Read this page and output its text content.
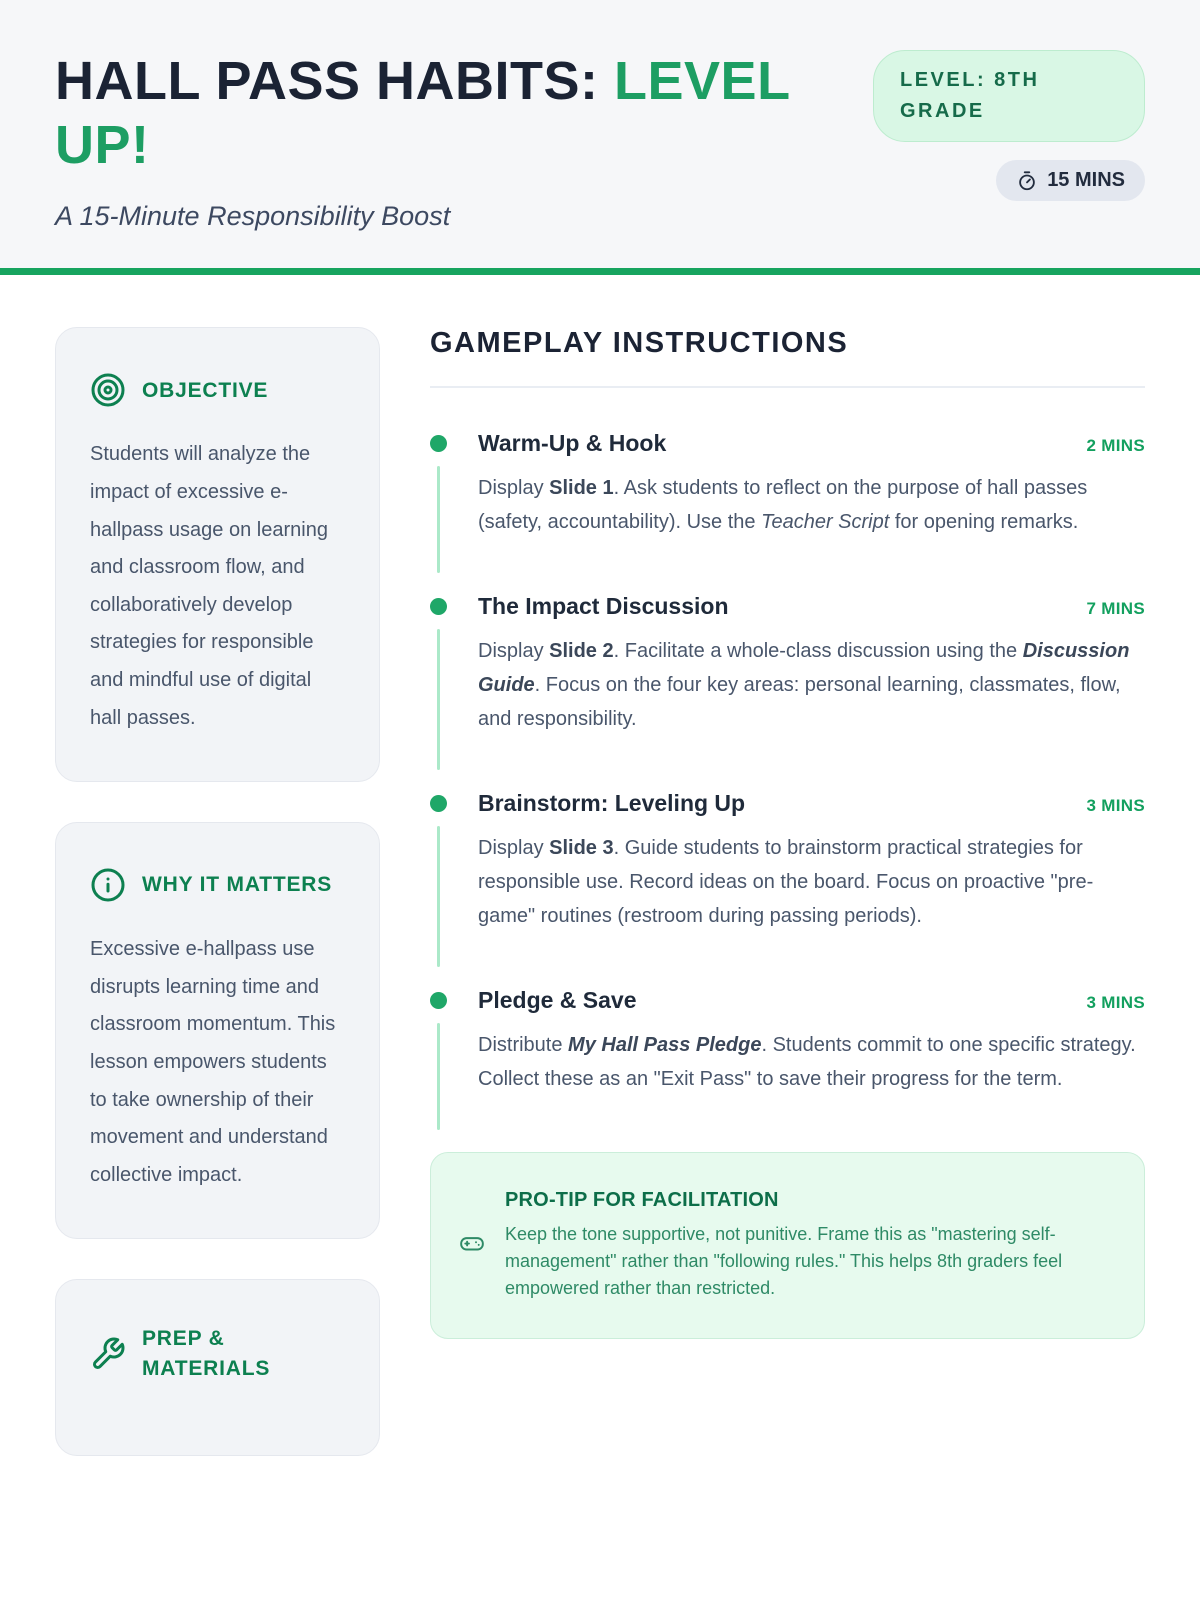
HALL PASS HABITS: LEVEL UP!

A 15-Minute Responsibility Boost

LEVEL: 8TH GRADE
15 MINS
OBJECTIVE

Students will analyze the impact of excessive e-hallpass usage on learning and classroom flow, and collaboratively develop strategies for responsible and mindful use of digital hall passes.

WHY IT MATTERS

Excessive e-hallpass use disrupts learning time and classroom momentum. This lesson empowers students to take ownership of their movement and understand collective impact.

PREP & MATERIALS
GAMEPLAY INSTRUCTIONS
Warm-Up & Hook	2 MINS

Display Slide 1. Ask students to reflect on the purpose of hall passes (safety, accountability). Use the Teacher Script for opening remarks.

The Impact Discussion	7 MINS

Display Slide 2. Facilitate a whole-class discussion using the Discussion Guide. Focus on the four key areas: personal learning, classmates, flow, and responsibility.

Brainstorm: Leveling Up	3 MINS

Display Slide 3. Guide students to brainstorm practical strategies for responsible use. Record ideas on the board. Focus on proactive "pre-game" routines (restroom during passing periods).

Pledge & Save	3 MINS

Distribute My Hall Pass Pledge. Students commit to one specific strategy. Collect these as an "Exit Pass" to save their progress for the term.

PRO-TIP FOR FACILITATION
Keep the tone supportive, not punitive. Frame this as "mastering self-management" rather than "following rules." This helps 8th graders feel empowered rather than restricted.
